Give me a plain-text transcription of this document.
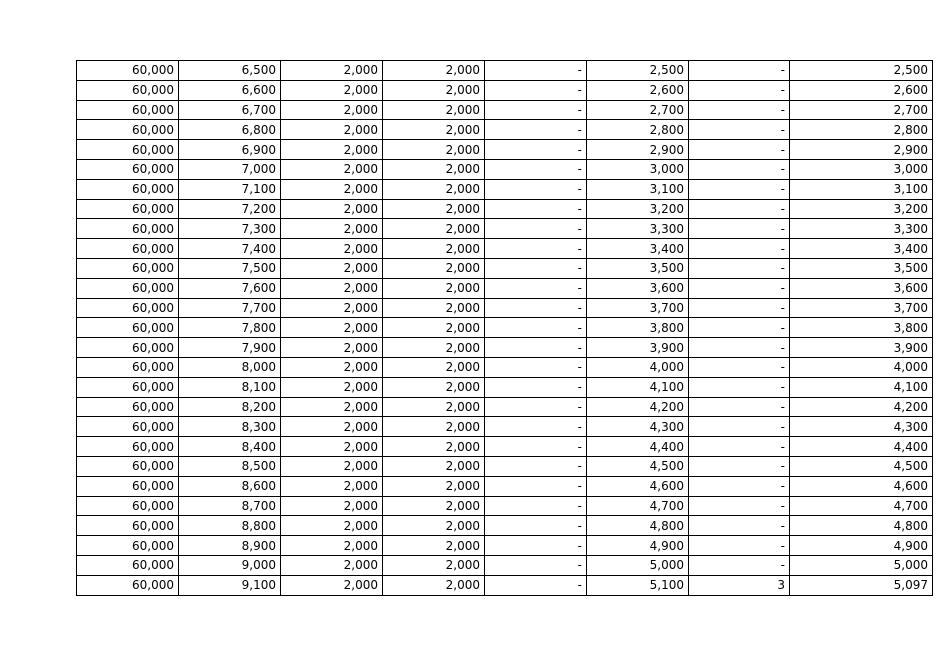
60,000	6,500	2,000	2,000	-	2,500	-	2,500
60,000	6,600	2,000	2,000	-	2,600	-	2,600
60,000	6,700	2,000	2,000	-	2,700	-	2,700
60,000	6,800	2,000	2,000	-	2,800	-	2,800
60,000	6,900	2,000	2,000	-	2,900	-	2,900
60,000	7,000	2,000	2,000	-	3,000	-	3,000
60,000	7,100	2,000	2,000	-	3,100	-	3,100
60,000	7,200	2,000	2,000	-	3,200	-	3,200
60,000	7,300	2,000	2,000	-	3,300	-	3,300
60,000	7,400	2,000	2,000	-	3,400	-	3,400
60,000	7,500	2,000	2,000	-	3,500	-	3,500
60,000	7,600	2,000	2,000	-	3,600	-	3,600
60,000	7,700	2,000	2,000	-	3,700	-	3,700
60,000	7,800	2,000	2,000	-	3,800	-	3,800
60,000	7,900	2,000	2,000	-	3,900	-	3,900
60,000	8,000	2,000	2,000	-	4,000	-	4,000
60,000	8,100	2,000	2,000	-	4,100	-	4,100
60,000	8,200	2,000	2,000	-	4,200	-	4,200
60,000	8,300	2,000	2,000	-	4,300	-	4,300
60,000	8,400	2,000	2,000	-	4,400	-	4,400
60,000	8,500	2,000	2,000	-	4,500	-	4,500
60,000	8,600	2,000	2,000	-	4,600	-	4,600
60,000	8,700	2,000	2,000	-	4,700	-	4,700
60,000	8,800	2,000	2,000	-	4,800	-	4,800
60,000	8,900	2,000	2,000	-	4,900	-	4,900
60,000	9,000	2,000	2,000	-	5,000	-	5,000
60,000	9,100	2,000	2,000	-	5,100	3	5,097
